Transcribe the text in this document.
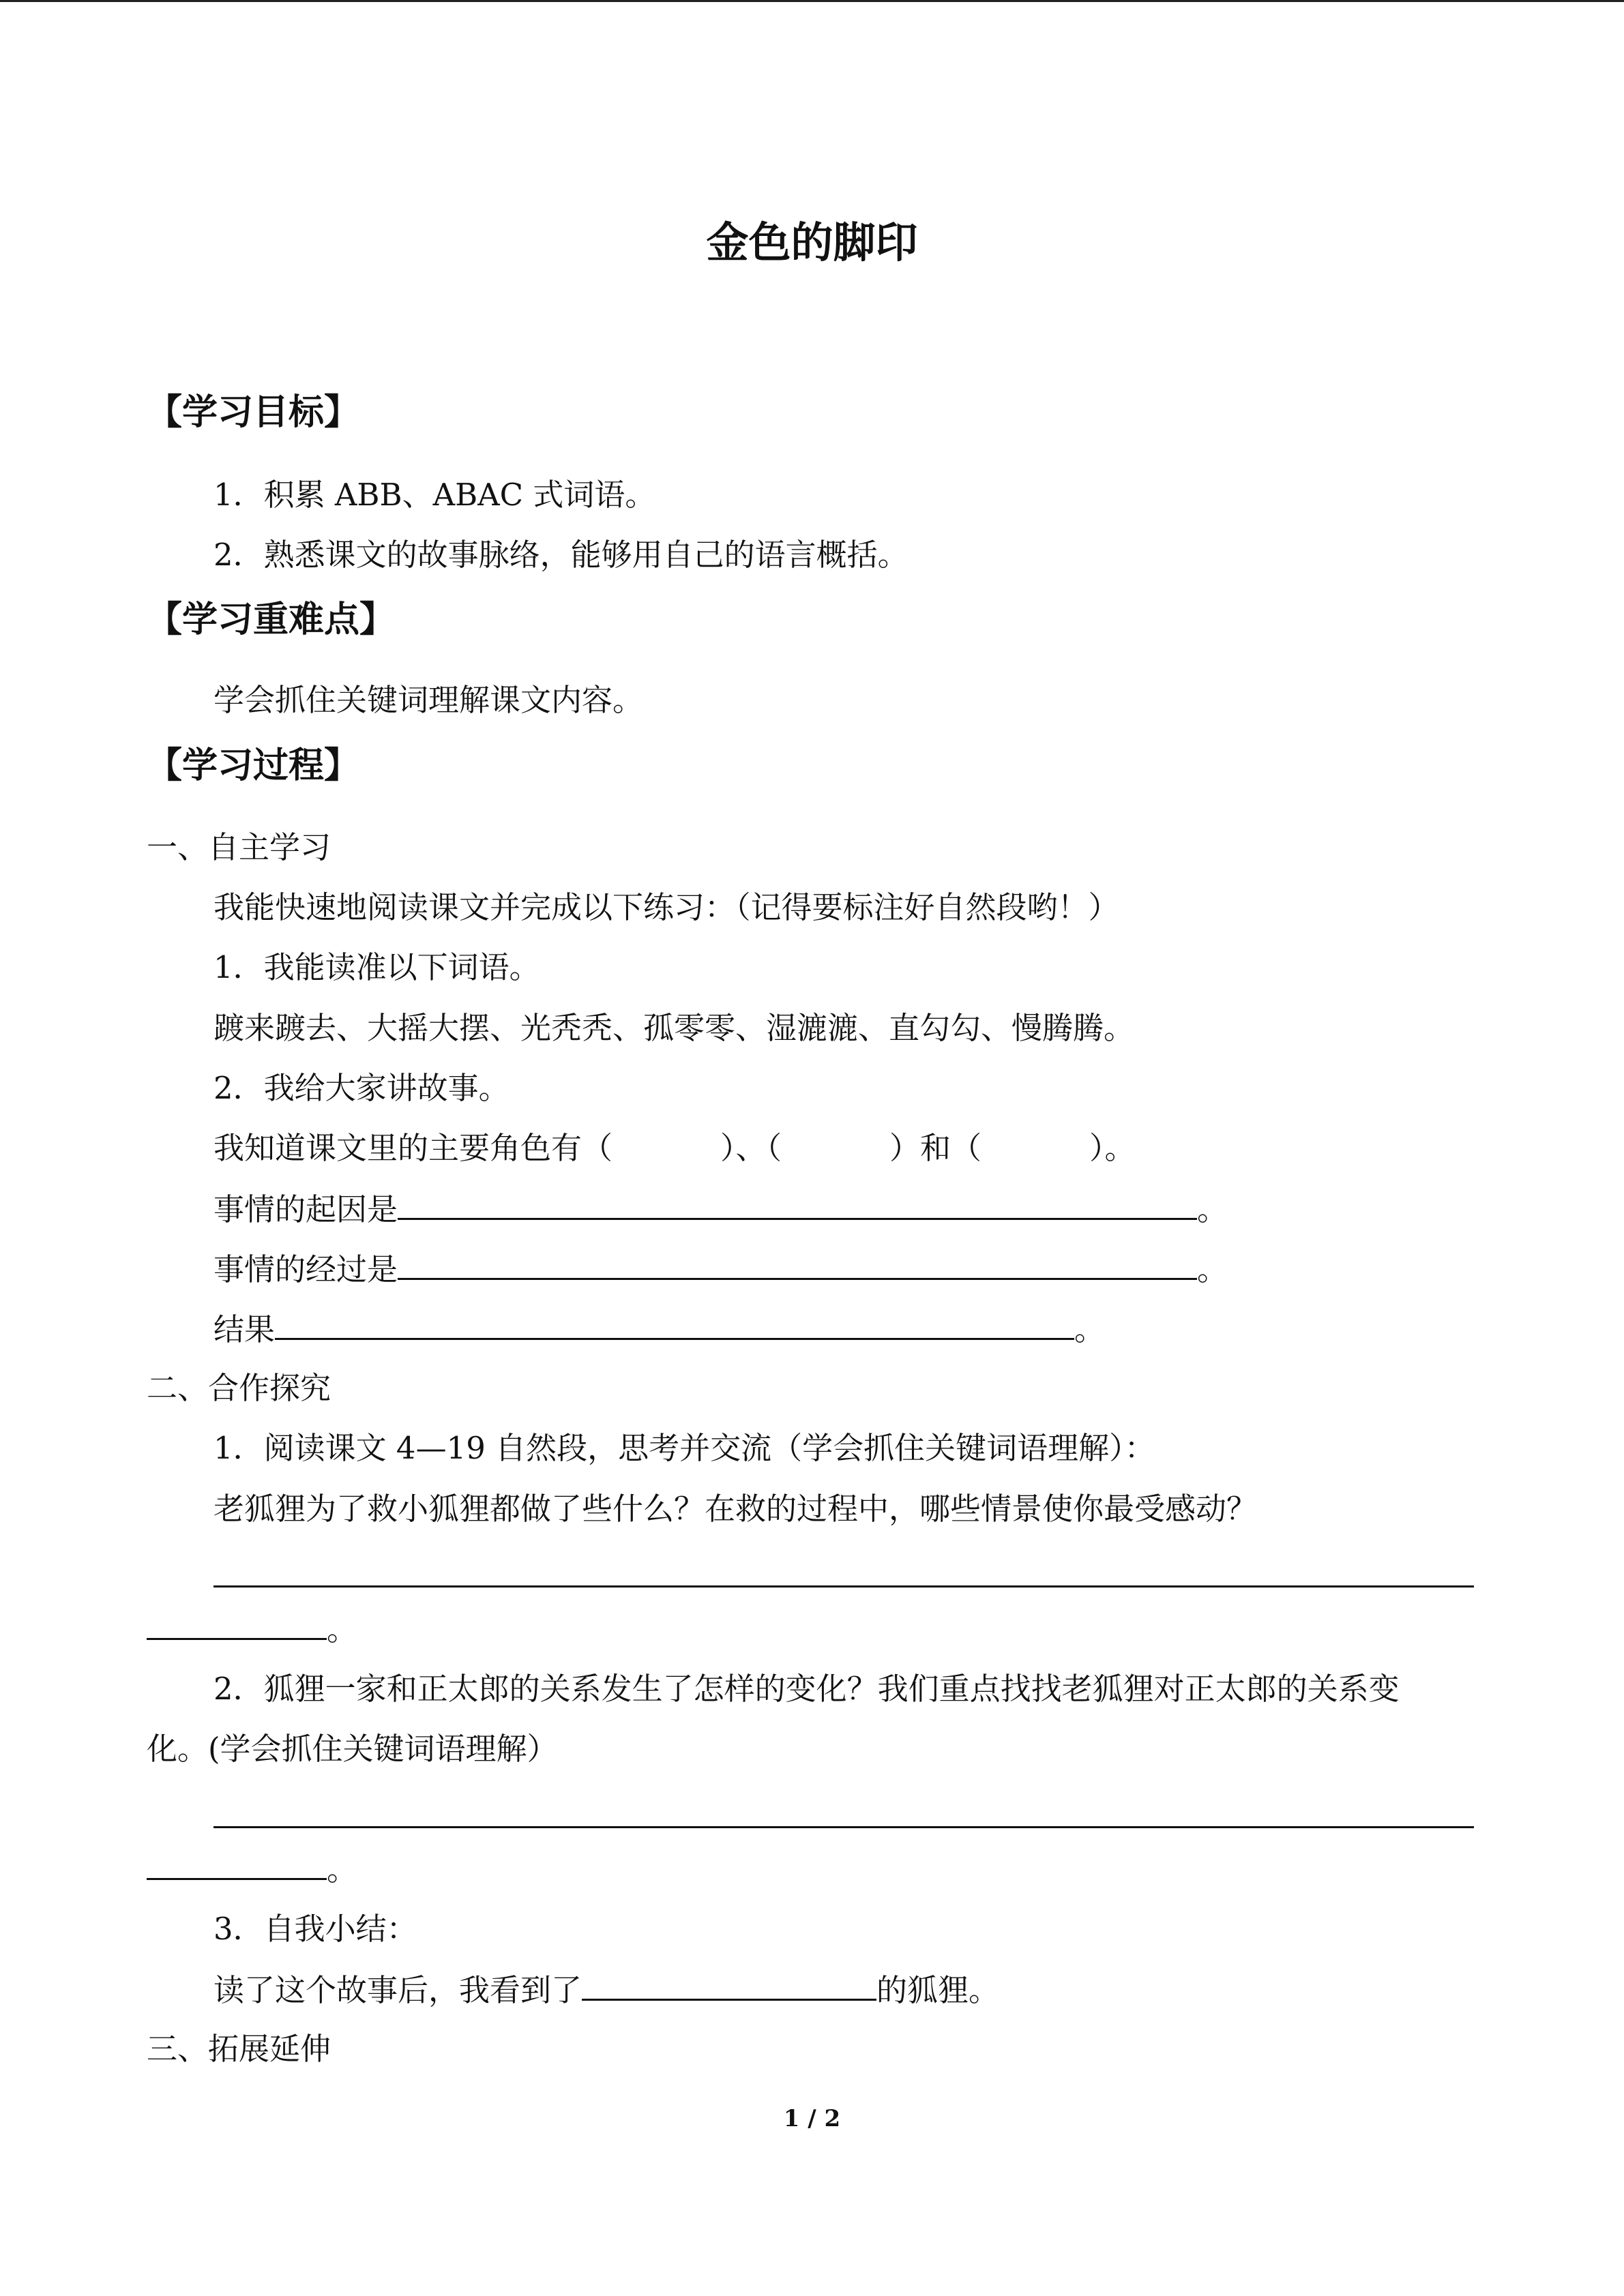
金色的脚印
【学习目标】
1．积累 ABB、ABAC 式词语。
2．熟悉课文的故事脉络，能够用自己的语言概括。
【学习重难点】
学会抓住关键词理解课文内容。
【学习过程】
一、自主学习
我能快速地阅读课文并完成以下练习：（记得要标注好自然段哟！）
1．我能读准以下词语。
踱来踱去、大摇大摆、光秃秃、孤零零、湿漉漉、直勾勾、慢腾腾。
2．我给大家讲故事。
我知道课文里的主要角色有（	）、（	）和（	）。
事情的起因是	。
事情的经过是	。
结果	。
二、合作探究
1．阅读课文 4—19 自然段，思考并交流（学会抓住关键词语理解）：
老狐狸为了救小狐狸都做了些什么？在救的过程中，哪些情景使你最受感动？
。
2．狐狸一家和正太郎的关系发生了怎样的变化？我们重点找找老狐狸对正太郎的关系变
化。(学会抓住关键词语理解）
。
3．自我小结：
读了这个故事后，我看到了	的狐狸。
三、拓展延伸
1 / 2
